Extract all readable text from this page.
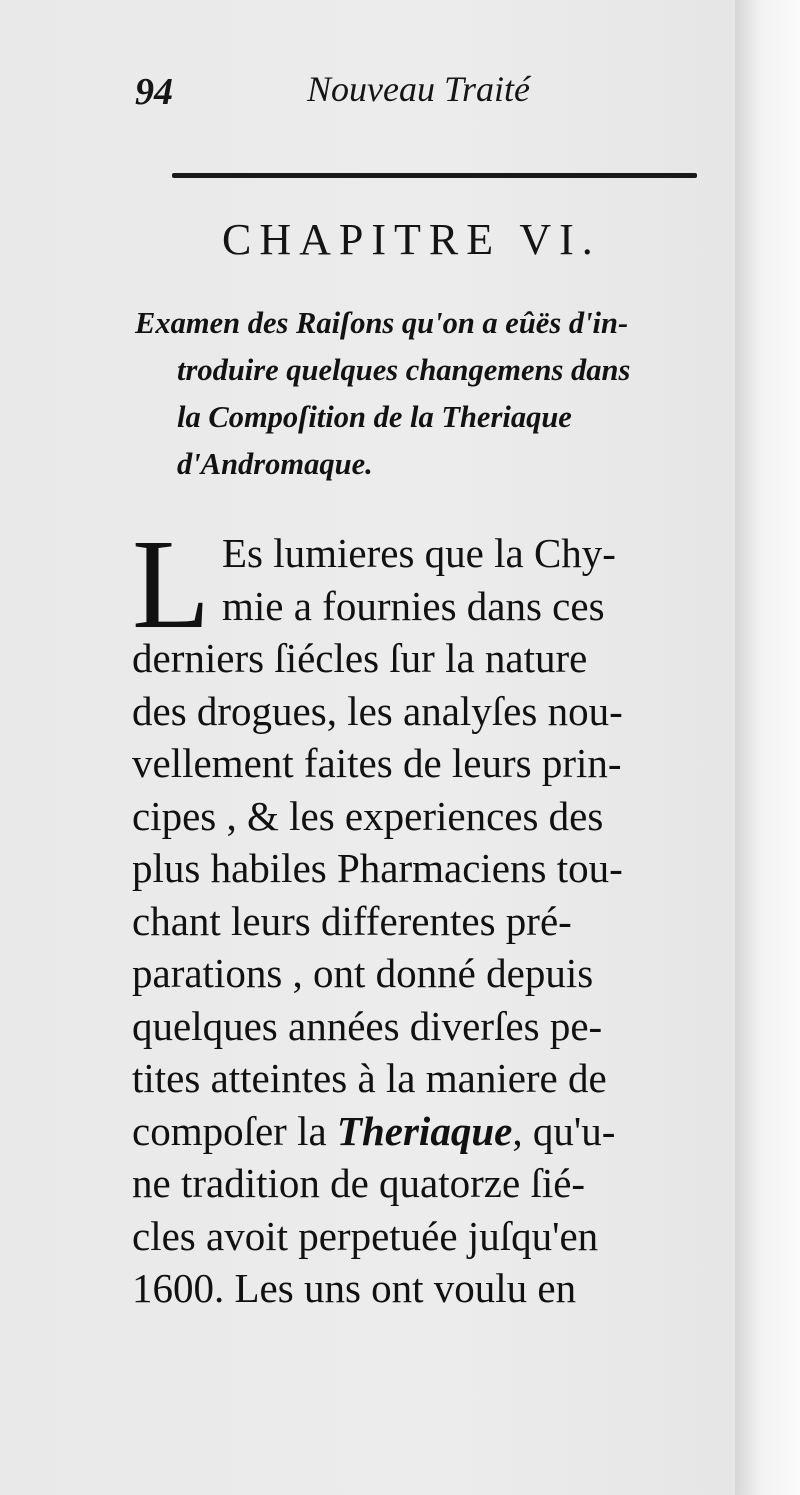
94	Nouveau Traité
CHAPITRE VI.
Examen des Raiſons qu'on a eûës d'in-
troduire quelques changemens dans
la Compoſition de la Theriaque
d'Andromaque.
L Es lumieres que la Chy-
mie a fournies dans ces
derniers ſiécles ſur la nature
des drogues, les analyſes nou-
vellement faites de leurs prin-
cipes , & les experiences des
plus habiles Pharmaciens tou-
chant leurs differentes pré-
parations , ont donné depuis
quelques années diverſes pe-
tites atteintes à la maniere de
compoſer la Theriaque, qu'u-
ne tradition de quatorze ſié-
cles avoit perpetuée juſqu'en
1600. Les uns ont voulu en
